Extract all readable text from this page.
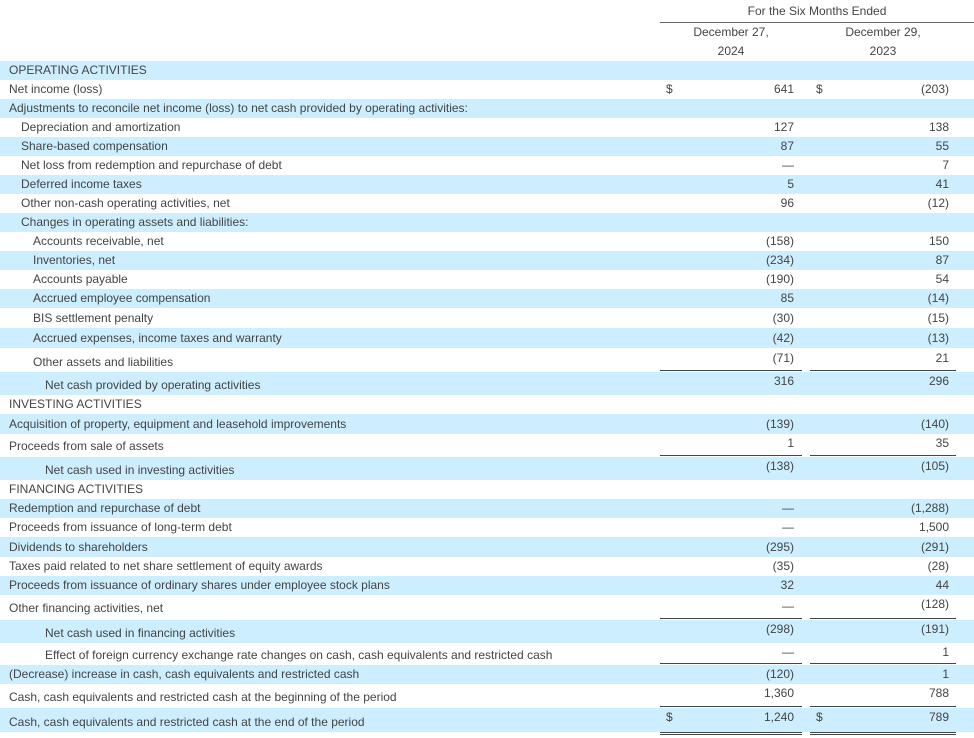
For the Six Months Ended
December 27,
2024
December 29,
2023
OPERATING ACTIVITIES
Net income (loss)	$	641 $	(203)
Adjustments to reconcile net income (loss) to net cash provided by operating activities:
Depreciation and amortization	127	138
Share-based compensation	87	55
Net loss from redemption and repurchase of debt	—	7
Deferred income taxes	5	41
Other non-cash operating activities, net	96	(12)
Changes in operating assets and liabilities:
Accounts receivable, net	(158)	150
Inventories, net	(234)	87
Accounts payable	(190)	54
Accrued employee compensation	85	(14)
BIS settlement penalty	(30)	(15)
Accrued expenses, income taxes and warranty	(42)	(13)
Other assets and liabilities	(71)	21
Net cash provided by operating activities	316	296
INVESTING ACTIVITIES
Acquisition of property, equipment and leasehold improvements	(139)	(140)
Proceeds from sale of assets	1	35
Net cash used in investing activities	(138)	(105)
FINANCING ACTIVITIES
Redemption and repurchase of debt	—	(1,288)
Proceeds from issuance of long-term debt	—	1,500
Dividends to shareholders	(295)	(291)
Taxes paid related to net share settlement of equity awards	(35)	(28)
Proceeds from issuance of ordinary shares under employee stock plans	32	44
Other financing activities, net	—	(128)
Net cash used in financing activities	(298)	(191)
Effect of foreign currency exchange rate changes on cash, cash equivalents and restricted cash	—	1
(Decrease) increase in cash, cash equivalents and restricted cash	(120)	1
Cash, cash equivalents and restricted cash at the beginning of the period	1,360	788
Cash, cash equivalents and restricted cash at the end of the period	$	1,240 $	789
